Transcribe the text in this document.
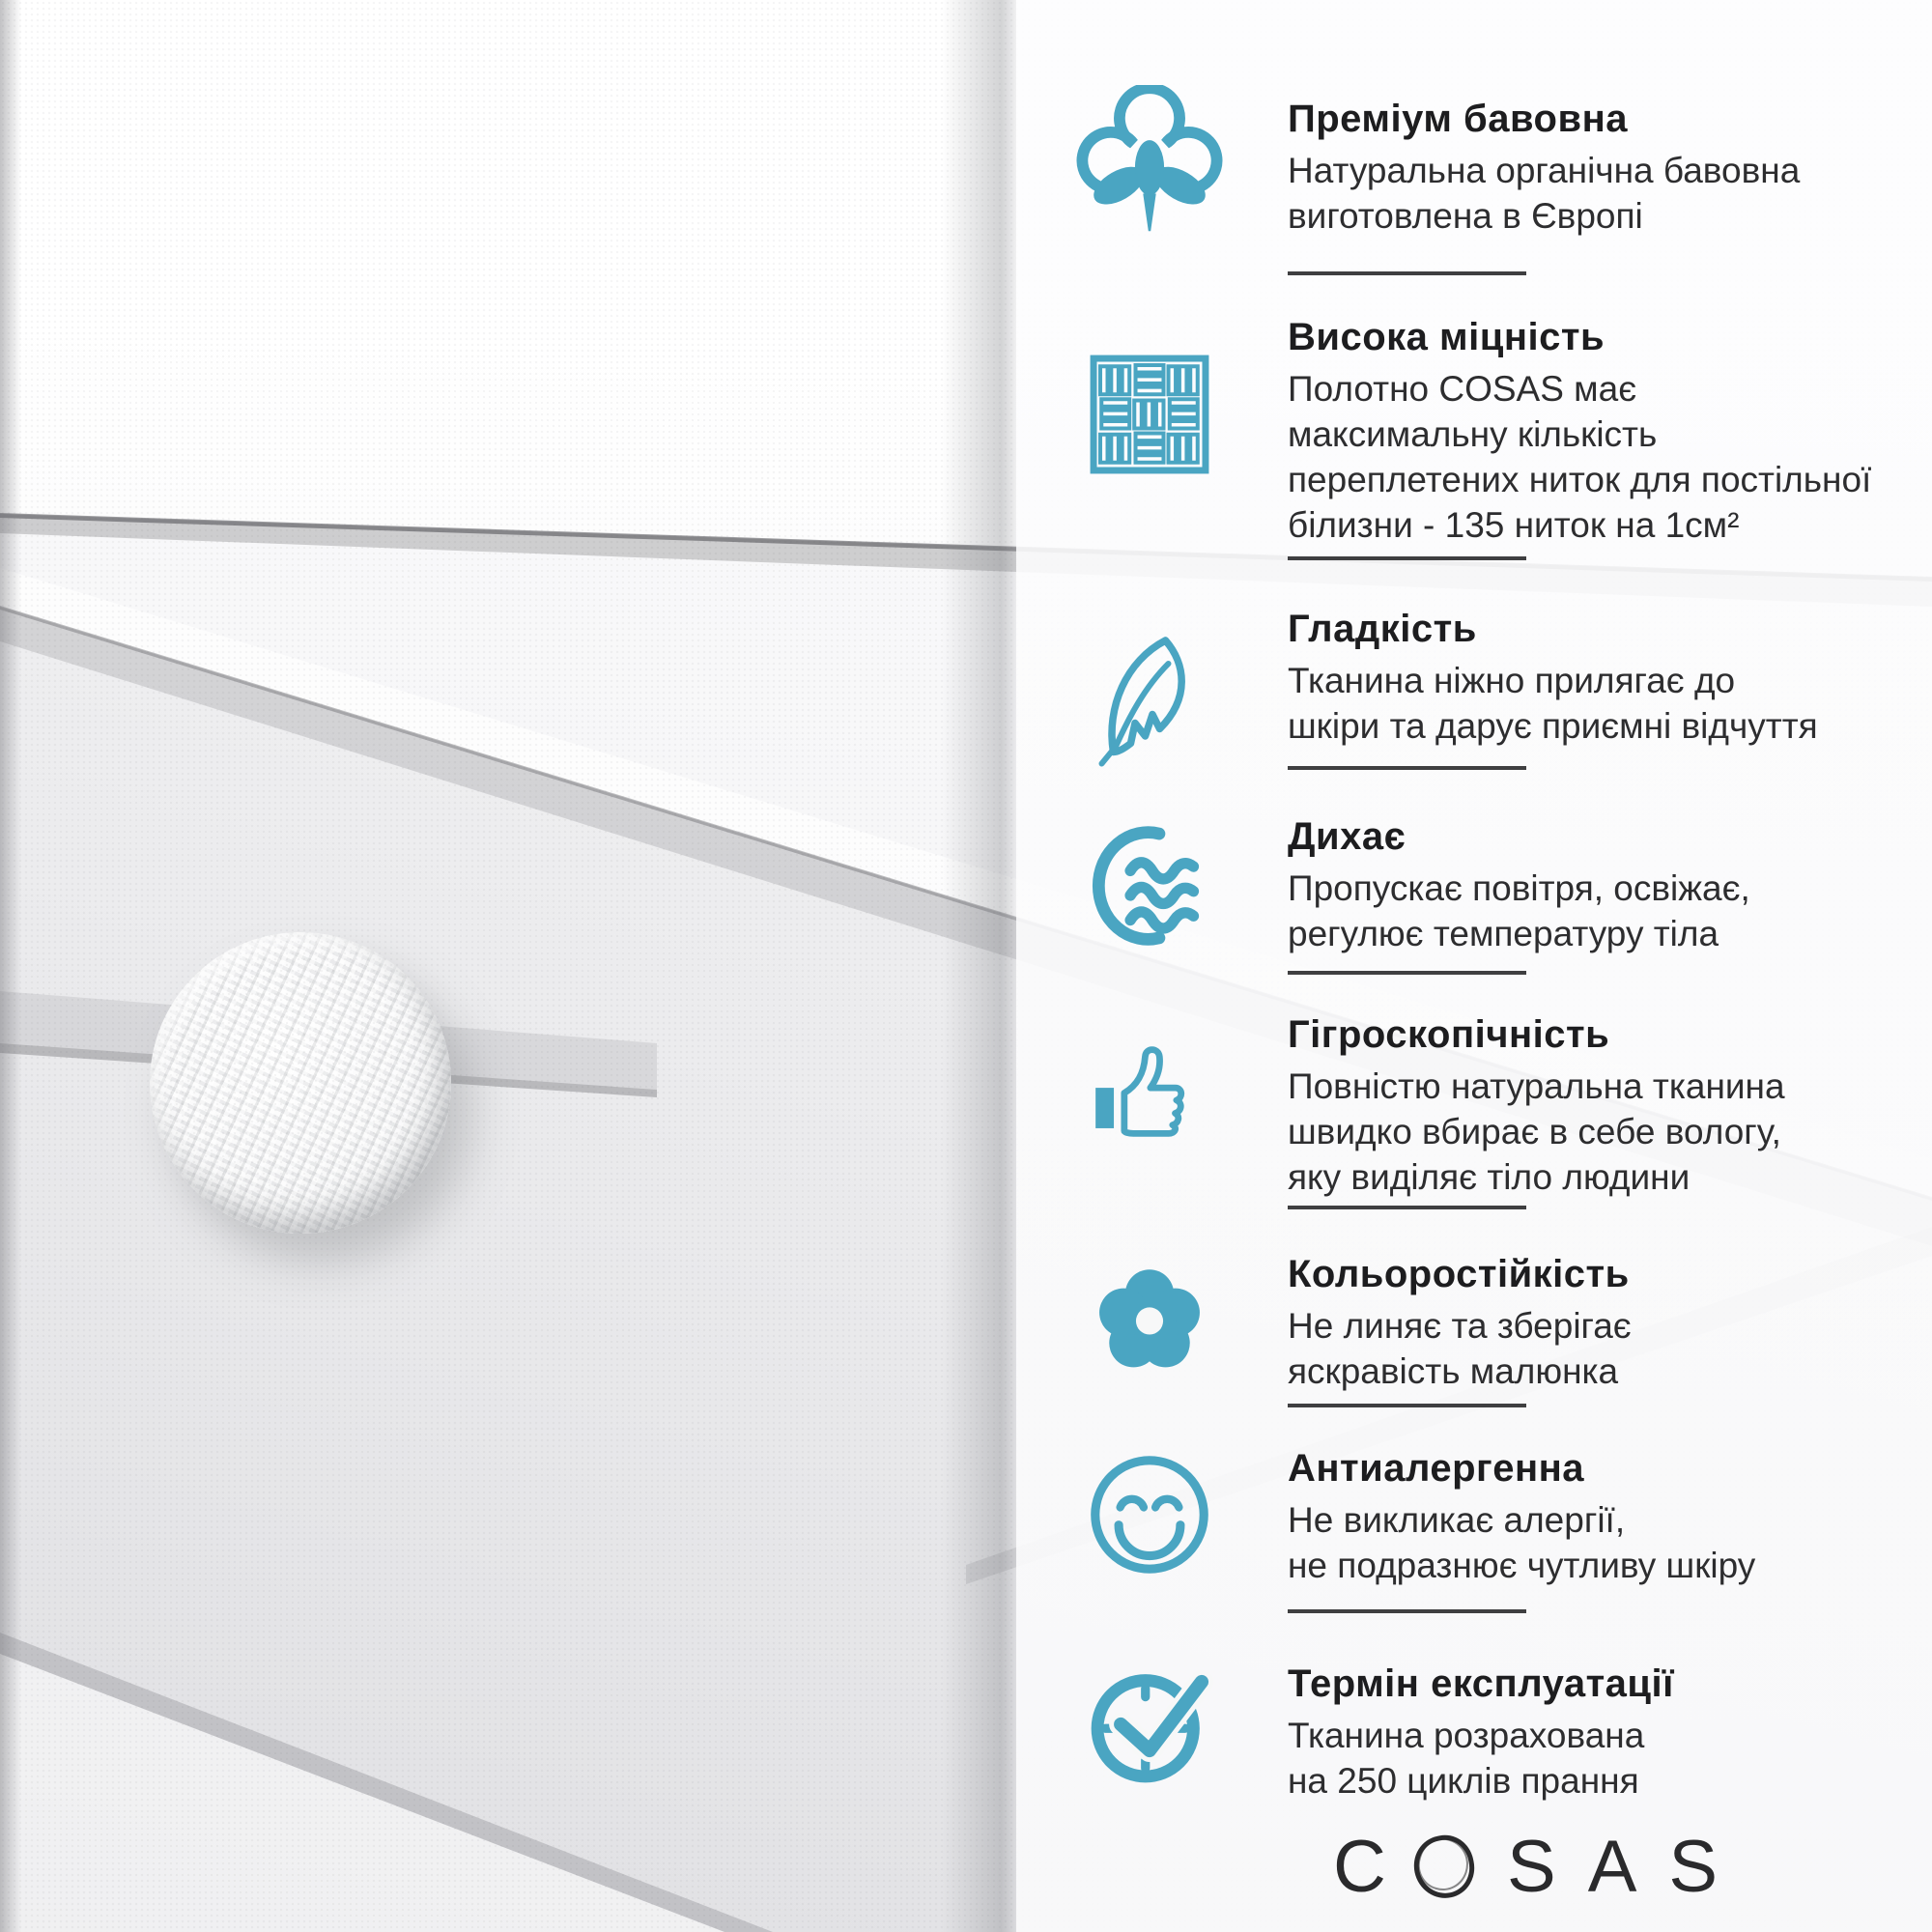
Преміум бавовна
Натуральна органічна бавовна
виготовлена в Європі
Висока міцність
Полотно COSAS має
максимальну кількість
переплетених ниток для постільної
білизни - 135 ниток на 1см²
Гладкість
Тканина ніжно прилягає до
шкіри та дарує приємні відчуття
Дихає
Пропускає повітря, освіжає,
регулює температуру тіла
Гігроскопічність
Повністю натуральна тканина
швидко вбирає в себе вологу,
яку виділяє тіло людини
Кольоростійкість
Не линяє та зберігає
яскравість малюнка
Антиалергенна
Не викликає алергії,
не подразнює чутливу шкіру
Термін експлуатації
Тканина розрахована
на 250 циклів прання
C SAS
